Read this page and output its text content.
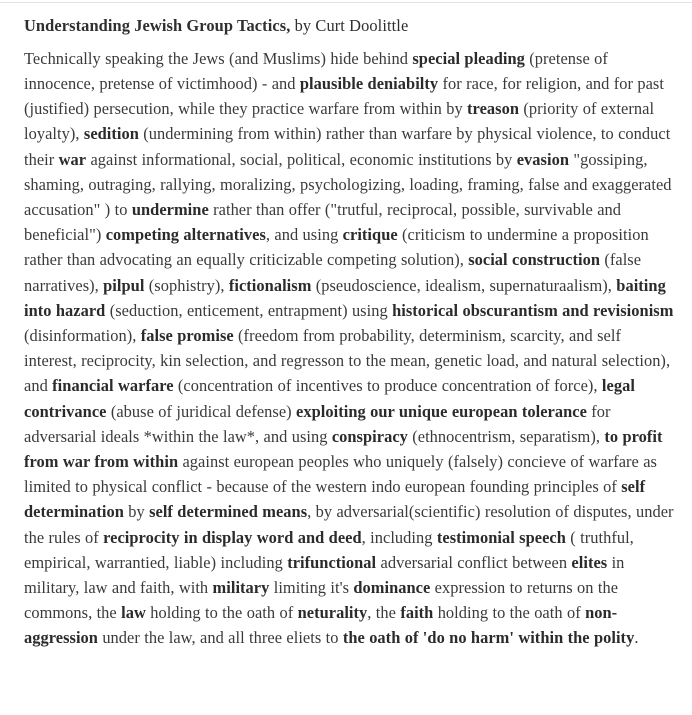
Understanding Jewish Group Tactics, by Curt Doolittle

Technically speaking the Jews (and Muslims) hide behind special pleading (pretense of innocence, pretense of victimhood) - and plausible deniabilty for race, for religion, and for past (justified) persecution, while they practice warfare from within by treason (priority of external loyalty), sedition (undermining from within) rather than warfare by physical violence, to conduct their war against informational, social, political, economic institutions by evasion "gossiping, shaming, outraging, rallying, moralizing, psychologizing, loading, framing, false and exaggerated accusation" ) to undermine rather than offer ("trutful, reciprocal, possible, survivable and beneficial") competing alternatives, and using critique (criticism to undermine a proposition rather than advocating an equally criticizable competing solution), social construction (false narratives), pilpul (sophistry), fictionalism (pseudoscience, idealism, supernaturaalism), baiting into hazard (seduction, enticement, entrapment) using historical obscurantism and revisionism (disinformation), false promise (freedom from probability, determinism, scarcity, and self interest, reciprocity, kin selection, and regresson to the mean, genetic load, and natural selection), and financial warfare (concentration of incentives to produce concentration of force), legal contrivance (abuse of juridical defense) exploiting our unique european tolerance for adversarial ideals *within the law*, and using conspiracy (ethnocentrism, separatism), to profit from war from within against european peoples who uniquely (falsely) concieve of warfare as limited to physical conflict - because of the western indo european founding principles of self determination by self determined means, by adversarial(scientific) resolution of disputes, under the rules of reciprocity in display word and deed, including testimonial speech ( truthful, empirical, warrantied, liable) including trifunctional adversarial conflict between elites in military, law and faith, with military limiting it's dominance expression to returns on the commons, the law holding to the oath of neturality, the faith holding to the oath of non-aggression under the law, and all three eliets to the oath of 'do no harm' within the polity.
